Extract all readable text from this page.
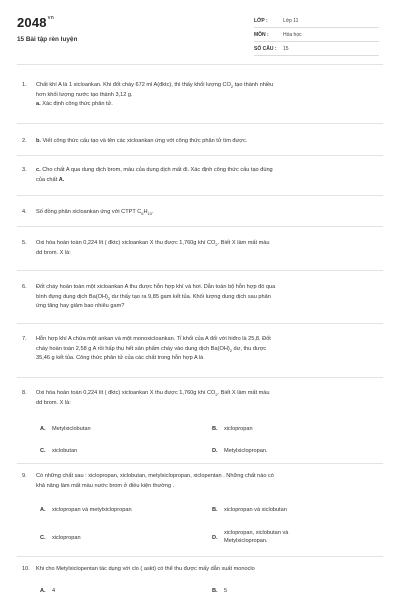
$2048^{vn}$
15 Bài tập rèn luyện
LỚP :	Lớp 11
MÔN :	Hóa học
SỐ CÂU : 15
1. Chất khí A là 1 xicloankan. Khi đốt cháy 672 ml A(đktc), thì thấy khối lượng $CO_2$ tạo thành nhiều
hơn khối lượng nước tạo thành 3,12 g.
a. Xác định công thức phân tử.
2. b. Viết công thức cấu tạo và tên các xicloankan ứng với công thức phân tử tìm được.
3. c. Cho chất A qua dung dịch brom, màu của dung dịch mất đi. Xác định công thức cấu tạo đúng
của chất A.
4. Số đồng phân xicloankan ứng với CTPT $C_6H_{10}$.
5. Oxi hóa hoàn toàn 0,224 lít ( đktc) xicloankan X thu được 1,760g khí $CO_2$. Biết X làm mất màu
dd brom. X là:
6. Đốt cháy hoàn toàn một xicloankan A thu được hỗn hợp khí và hơi. Dẫn toàn bộ hỗn hợp đó qua
bình đựng dung dịch $Ba(OH)_2$ dư thấy tạo ra 9,85 gam kết tủa. Khối lượng dung dịch sau phản
ứng tăng hay giảm bao nhiêu gam?
7. Hỗn hợp khí A chứa một ankan và một monoxicloankan. Tỉ khối của A đối với hiđro là 25,8. Đốt
cháy hoàn toàn 2,58 g A rồi hấp thụ hết sản phẩm cháy vào dung dịch $Ba(OH)_2$ dư, thu được
35,46 g kết tủa. Công thức phân tử của các chất trong hỗn hợp A là
8. Oxi hóa hoàn toàn 0,224 lít ( đktc) xicloankan X thu được 1,760g khí $CO_2$. Biết X làm mất màu
dd brom. X là:
A. Metylxiclobutan	B. xiclopropan
C. xiclobutan	D. Metylxiclopropan.
9. Có những chất sau : xiclopropan, xiclobutan, metylxiclopropan, xiclopentan . Những chất nào có
khả năng làm mất màu nước brom ở điều kiện thường .
A. xiclopropan và metylxiclopropan	B. xiclopropan và xiclobutan
C. xiclopropan	D.
xiclopropan, xiclobutan và
Metylxiclopropan.
10. Khi cho Metylxiclopentan tác dụng với clo ( askt) có thể thu được mấy dẫn xuất monoclo
A. 4	B. 5
